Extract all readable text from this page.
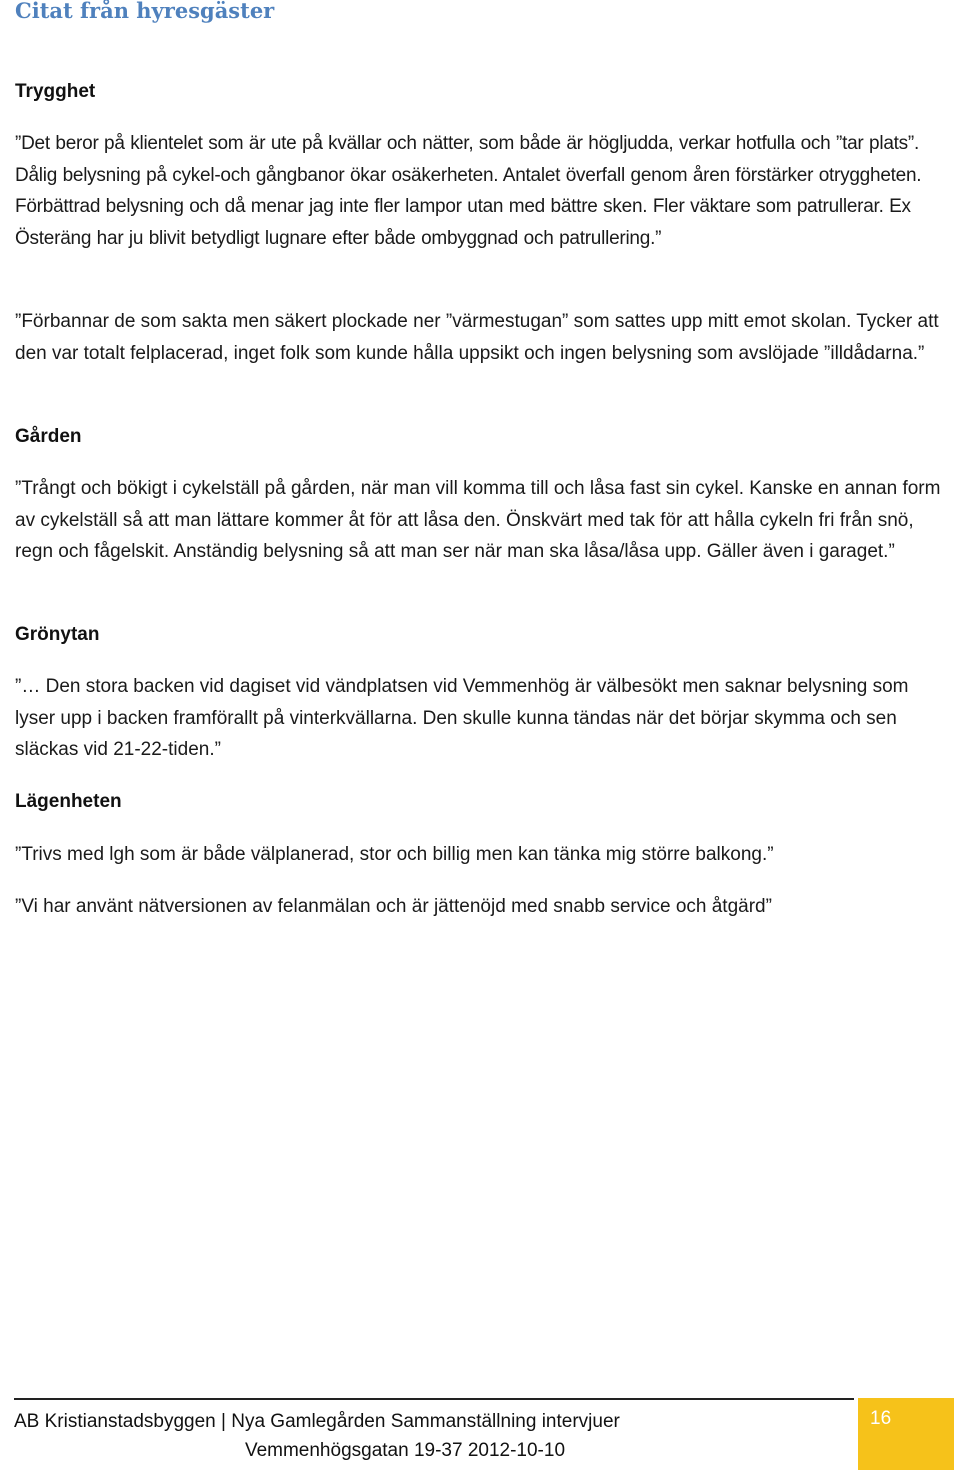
Citat från hyresgäster
Trygghet

”Det beror på klientelet som är ute på kvällar och nätter, som både är högljudda, verkar hotfulla och ”tar plats”. Dålig belysning på cykel-och gångbanor ökar osäkerheten. Antalet överfall genom åren förstärker otryggheten. Förbättrad belysning och då menar jag inte fler lampor utan med bättre sken. Fler väktare som patrullerar. Ex Österäng har ju blivit betydligt lugnare efter både ombyggnad och patrullering.”

”Förbannar de som sakta men säkert plockade ner ”värmestugan” som sattes upp mitt emot skolan. Tycker att den var totalt felplacerad, inget folk som kunde hålla uppsikt och ingen belysning som avslöjade ”illdådarna.”

Gården

”Trångt och bökigt i cykelställ på gården, när man vill komma till och låsa fast sin cykel. Kanske en annan form av cykelställ så att man lättare kommer åt för att låsa den. Önskvärt med tak för att hålla cykeln fri från snö, regn och fågelskit. Anständig belysning så att man ser när man ska låsa/låsa upp. Gäller även i garaget.”

Grönytan

”… Den stora backen vid dagiset vid vändplatsen vid Vemmenhög är välbesökt men saknar belysning som lyser upp i backen framförallt på vinterkvällarna. Den skulle kunna tändas när det börjar skymma och sen släckas vid 21-22-tiden.”

Lägenheten

”Trivs med lgh som är både välplanerad, stor och billig men kan tänka mig större balkong.”

”Vi har använt nätversionen av felanmälan och är jättenöjd med snabb service och åtgärd”

AB Kristianstadsbyggen | Nya Gamlegården Sammanställning intervjuer
Vemmenhögsgatan 19-37 2012-10-10
16
